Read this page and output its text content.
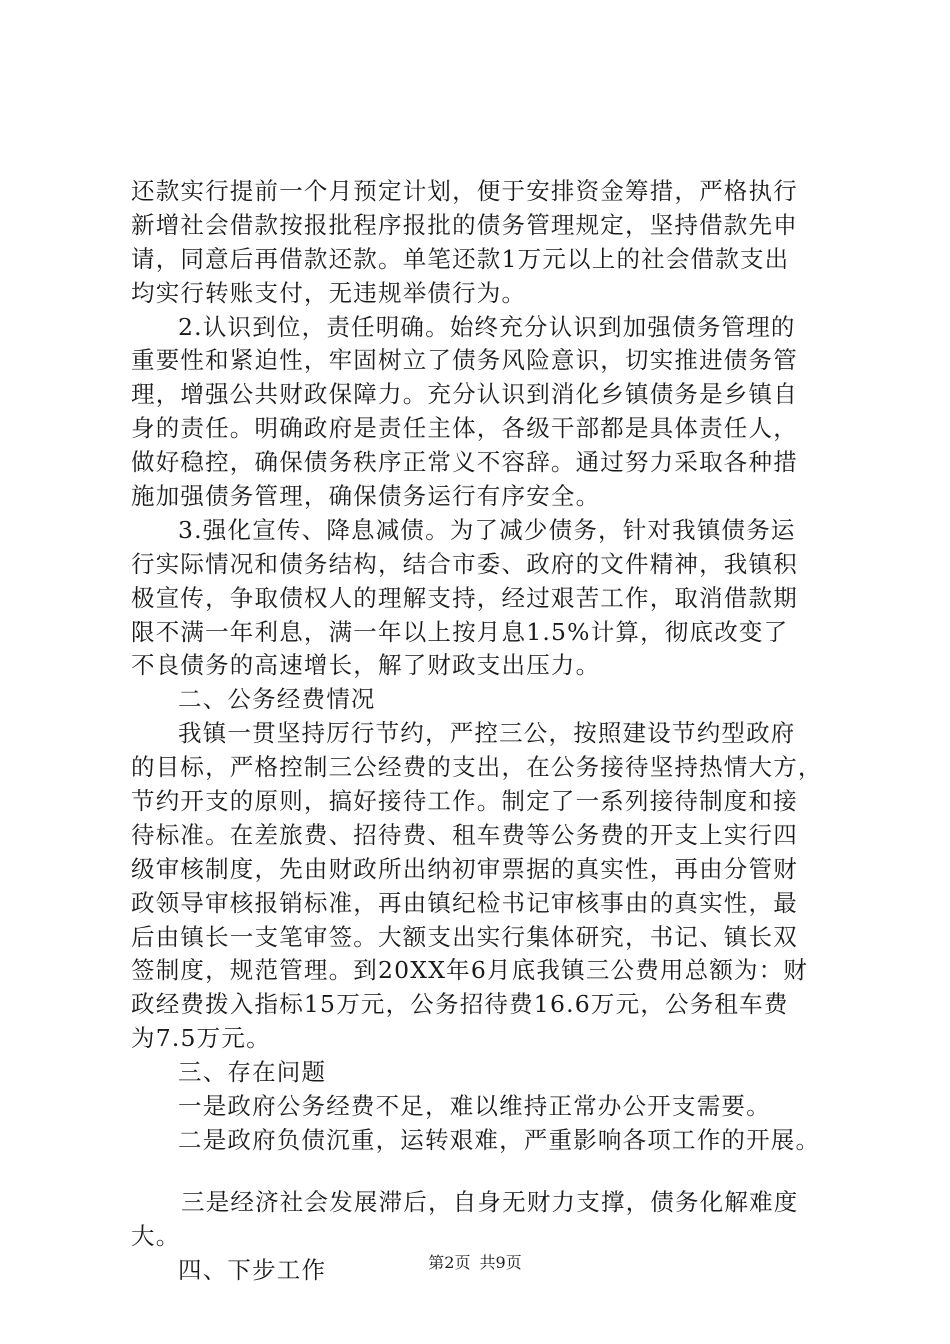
还款实行提前一个月预定计划，便于安排资金筹措，严格执行
新增社会借款按报批程序报批的债务管理规定，坚持借款先申
请，同意后再借款还款。单笔还款1万元以上的社会借款支出
均实行转账支付，无违规举债行为。
2.认识到位，责任明确。始终充分认识到加强债务管理的
重要性和紧迫性，牢固树立了债务风险意识，切实推进债务管
理，增强公共财政保障力。充分认识到消化乡镇债务是乡镇自
身的责任。明确政府是责任主体，各级干部都是具体责任人，
做好稳控，确保债务秩序正常义不容辞。通过努力采取各种措
施加强债务管理，确保债务运行有序安全。
3.强化宣传、降息减债。为了减少债务，针对我镇债务运
行实际情况和债务结构，结合市委、政府的文件精神，我镇积
极宣传，争取债权人的理解支持，经过艰苦工作，取消借款期
限不满一年利息，满一年以上按月息1.5%计算，彻底改变了
不良债务的高速增长，解了财政支出压力。
二、公务经费情况
我镇一贯坚持厉行节约，严控三公，按照建设节约型政府
的目标，严格控制三公经费的支出，在公务接待坚持热情大方，
节约开支的原则，搞好接待工作。制定了一系列接待制度和接
待标准。在差旅费、招待费、租车费等公务费的开支上实行四
级审核制度，先由财政所出纳初审票据的真实性，再由分管财
政领导审核报销标准，再由镇纪检书记审核事由的真实性，最
后由镇长一支笔审签。大额支出实行集体研究，书记、镇长双
签制度，规范管理。到20XX年6月底我镇三公费用总额为：财
政经费拨入指标15万元，公务招待费16.6万元，公务租车费
为7.5万元。
三、存在问题
一是政府公务经费不足，难以维持正常办公开支需要。
二是政府负债沉重，运转艰难，严重影响各项工作的开展。
三是经济社会发展滞后，自身无财力支撑，债务化解难度
大。
四、下步工作	第2页 共9页
